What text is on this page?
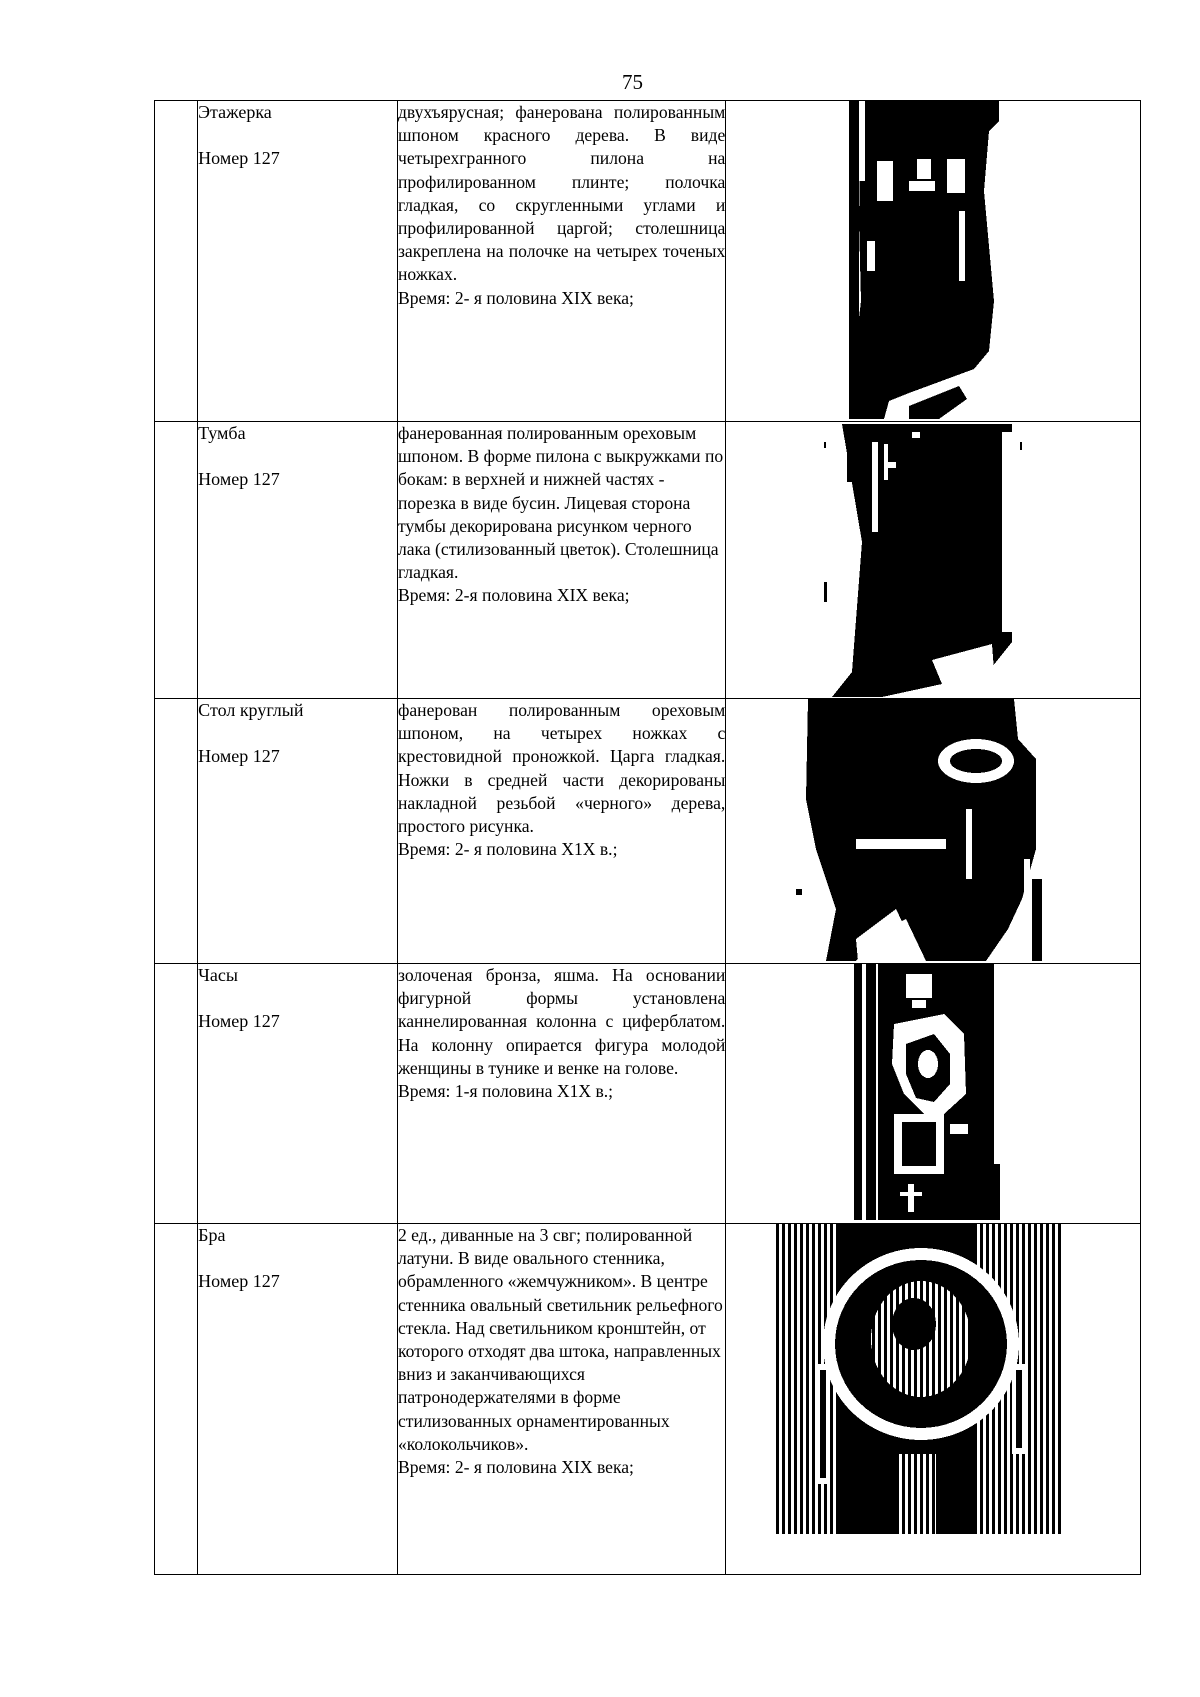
75

	Этажерка
Номер 127	двухъярусная; фанерована полированным шпоном красного дерева. В виде четырехгранного пилона на профилированном плинте; полочка гладкая, со скругленными углами и профилированной царгой; столешница закреплена на полочке на четырех точеных ножках.
Время: 2- я половина XIX века;

	Тумба
Номер 127	фанерованная полированным ореховым шпоном. В форме пилона с выкружками по бокам: в верхней и нижней частях - порезка в виде бусин. Лицевая сторона тумбы декорирована рисунком черного лака (стилизованный цветок). Столешница гладкая.
Время: 2-я половина XIX века;

	Стол круглый
Номер 127	фанерован полированным ореховым шпоном, на четырех ножках с крестовидной проножкой. Царга гладкая. Ножки в средней части декорированы накладной резьбой «черного» дерева, простого рисунка.
Время: 2- я половина Х1Х в.;

	Часы
Номер 127	золоченая бронза, яшма. На основании фигурной формы установлена каннелированная колонна с циферблатом. На колонну опирается фигура молодой женщины в тунике и венке на голове.
Время: 1-я половина Х1Х в.;

	Бра
Номер 127	2 ед., диванные на 3 свг; полированной латуни. В виде овального стенника, обрамленного «жемчужником». В центре стенника овальный светильник рельефного стекла. Над светильником кронштейн, от которого отходят два штока, направленных вниз и заканчивающихся патронодержателями в форме стилизованных орнаментированных «колокольчиков».
Время: 2- я половина XIX века;
